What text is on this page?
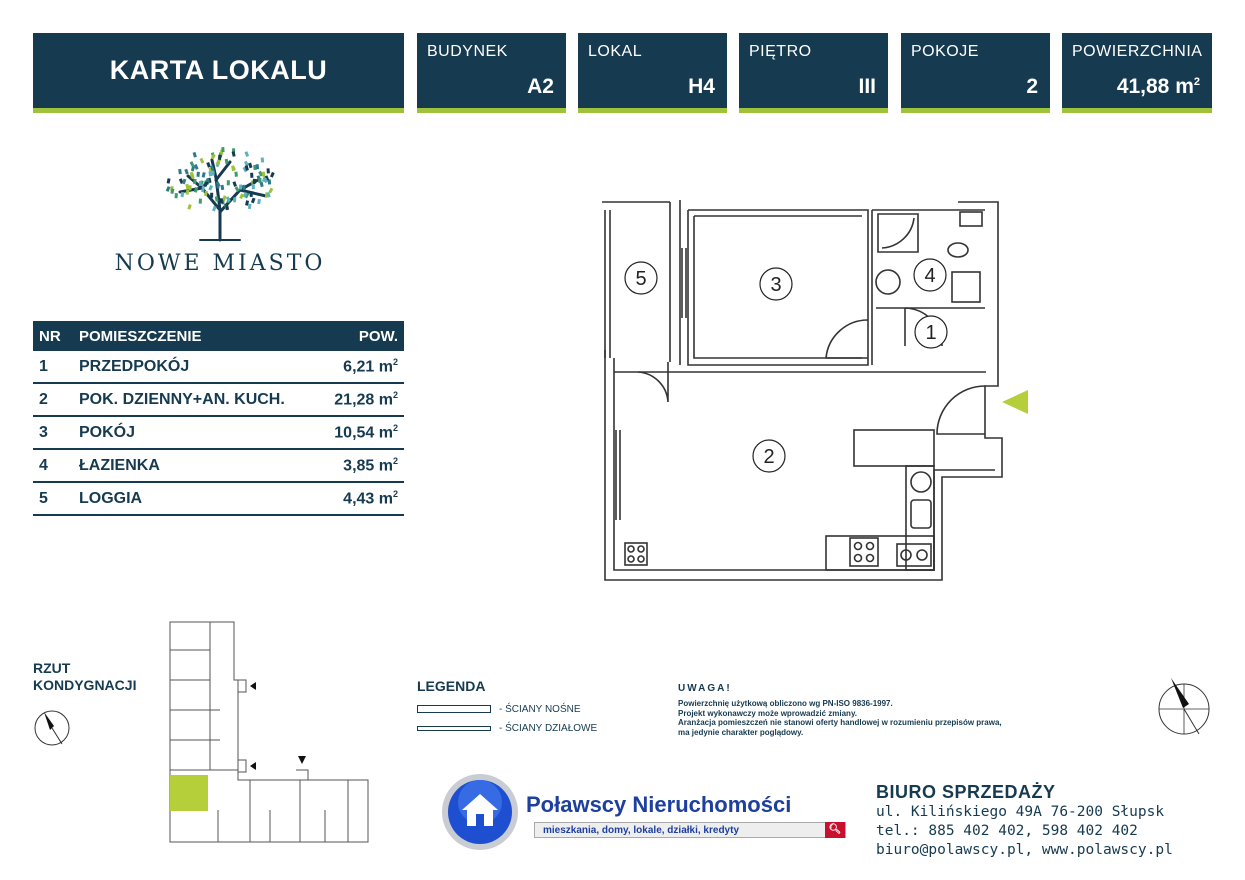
KARTA LOKALU
BUDYNEK
A2
LOKAL
H4
PIĘTRO
III
POKOJE
2
POWIERZCHNIA
41,88 $m^2$
NOWE MIASTO
NR	POMIESZCZENIE	POW.
1	PRZEDPOKÓJ	6,21 $m^2$
2	POK. DZIENNY+AN. KUCH.	21,28 $m^2$
3	POKÓJ	10,54 $m^2$
4	ŁAZIENKA	3,85 $m^2$
5	LOGGIA	4,43 $m^2$
5	3	4
1
2
RZUT
KONDYGNACJI	LEGENDA
- ŚCIANY NOŚNE
- ŚCIANY DZIAŁOWE
UWAGA!
Powierzchnię użytkową obliczono wg PN-ISO 9836-1997.
Projekt wykonawczy może wprowadzić zmiany.
Aranżacja pomieszczeń nie stanowi oferty handlowej w rozumieniu przepisów prawa,
ma jedynie charakter poglądowy.
Poławscy Nieruchomości
mieszkania, domy, lokale, działki, kredyty	🔍︎
BIURO SPRZEDAŻY
ul. Kilińskiego 49A 76-200 Słupsk
tel.: 885 402 402, 598 402 402
biuro@polawscy.pl, www.polawscy.pl
